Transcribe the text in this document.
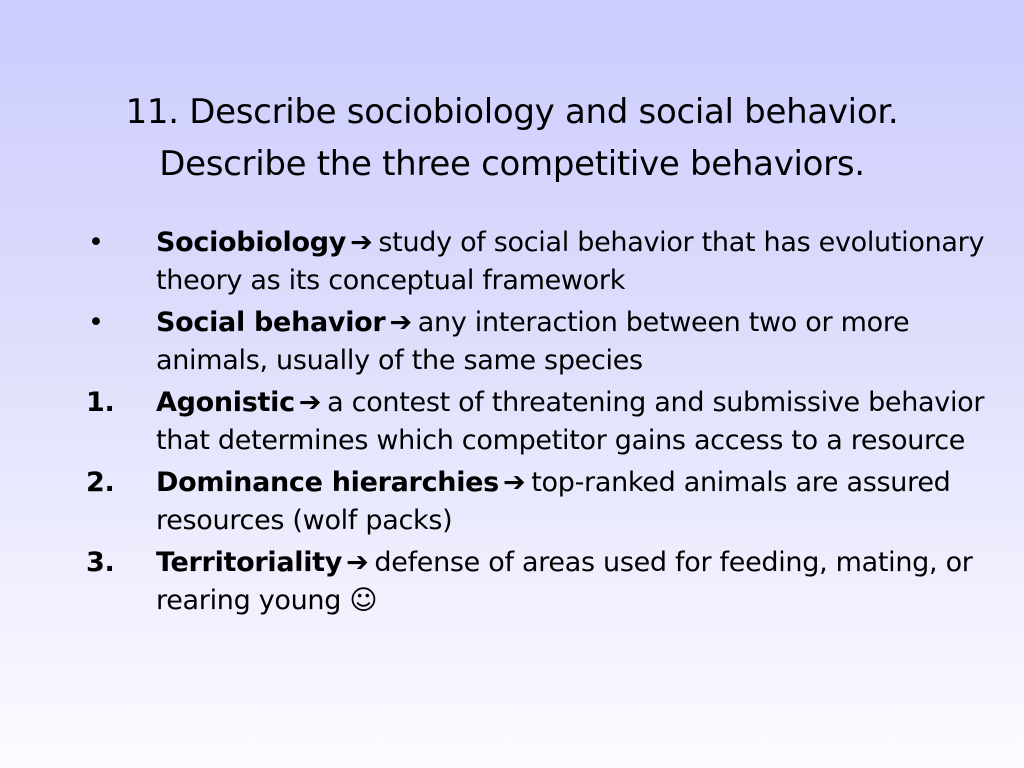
11. Describe sociobiology and social behavior.
Describe the three competitive behaviors.
•	Sociobiology ➔ study of social behavior that has evolutionary theory as its conceptual framework
•	Social behavior ➔ any interaction between two or more animals, usually of the same species
1.	Agonistic ➔ a contest of threatening and submissive behavior that determines which competitor gains access to a resource
2.	Dominance hierarchies ➔ top-ranked animals are assured resources (wolf packs)
3.	Territoriality ➔ defense of areas used for feeding, mating, or rearing young ☺
